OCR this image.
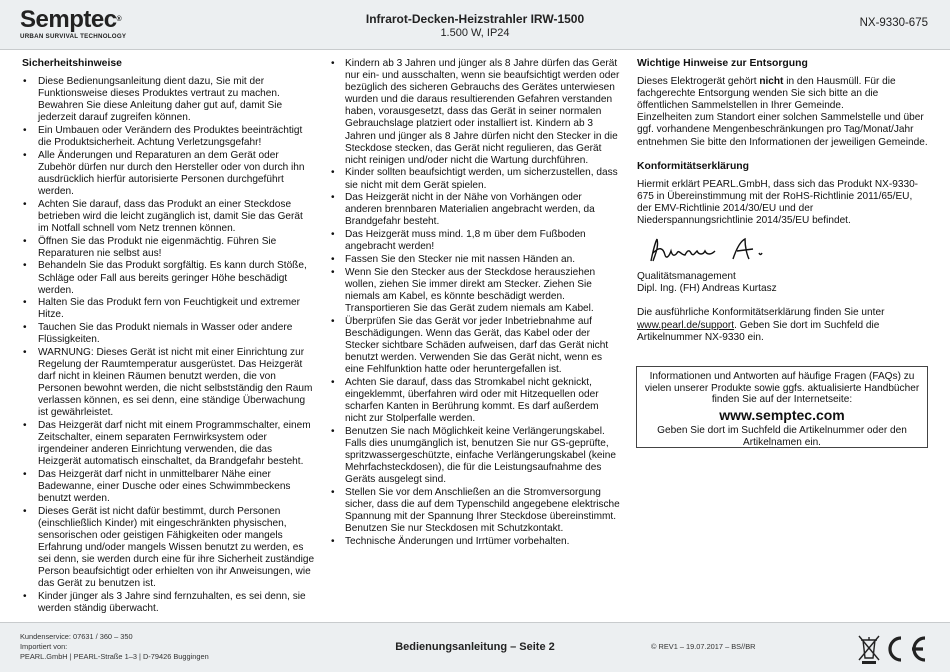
Semptec®
URBAN SURVIVAL TECHNOLOGY
Infrarot-Decken-Heizstrahler IRW-1500
1.500 W, IP24
NX-9330-675
Sicherheitshinweise
• Diese Bedienungsanleitung dient dazu, Sie mit der Funktionsweise dieses Produktes vertraut zu machen. Bewahren Sie diese Anleitung daher gut auf, damit Sie jederzeit darauf zugreifen können.
• Ein Umbauen oder Verändern des Produktes beeinträchtigt die Produktsicherheit. Achtung Verletzungsgefahr!
• Alle Änderungen und Reparaturen an dem Gerät oder Zubehör dürfen nur durch den Hersteller oder von durch ihn ausdrücklich hierfür autorisierte Personen durchgeführt werden.
• Achten Sie darauf, dass das Produkt an einer Steckdose betrieben wird die leicht zugänglich ist, damit Sie das Gerät im Notfall schnell vom Netz trennen können.
• Öffnen Sie das Produkt nie eigenmächtig. Führen Sie Reparaturen nie selbst aus!
• Behandeln Sie das Produkt sorgfältig. Es kann durch Stöße, Schläge oder Fall aus bereits geringer Höhe beschädigt werden.
• Halten Sie das Produkt fern von Feuchtigkeit und extremer Hitze.
• Tauchen Sie das Produkt niemals in Wasser oder andere Flüssigkeiten.
• WARNUNG: Dieses Gerät ist nicht mit einer Einrichtung zur Regelung der Raumtemperatur ausgerüstet. Das Heizgerät darf nicht in kleinen Räumen benutzt werden, die von Personen bewohnt werden, die nicht selbstständig den Raum verlassen können, es sei denn, eine ständige Überwachung ist gewährleistet.
• Das Heizgerät darf nicht mit einem Programmschalter, einem Zeitschalter, einem separaten Fernwirksystem oder irgendeiner anderen Einrichtung verwenden, die das Heizgerät automatisch einschaltet, da Brandgefahr besteht.
• Das Heizgerät darf nicht in unmittelbarer Nähe einer Badewanne, einer Dusche oder eines Schwimmbeckens benutzt werden.
• Dieses Gerät ist nicht dafür bestimmt, durch Personen (einschließlich Kinder) mit eingeschränkten physischen, sensorischen oder geistigen Fähigkeiten oder mangels Erfahrung und/oder mangels Wissen benutzt zu werden, es sei denn, sie werden durch eine für ihre Sicherheit zuständige Person beaufsichtigt oder erhielten von ihr Anweisungen, wie das Gerät zu benutzen ist.
• Kinder jünger als 3 Jahre sind fernzuhalten, es sei denn, sie werden ständig überwacht.
• Kindern ab 3 Jahren und jünger als 8 Jahre dürfen das Gerät nur ein- und ausschalten, wenn sie beaufsichtigt werden oder bezüglich des sicheren Gebrauchs des Gerätes unterwiesen wurden und die daraus resultierenden Gefahren verstanden haben, vorausgesetzt, dass das Gerät in seiner normalen Gebrauchslage platziert oder installiert ist. Kindern ab 3 Jahren und jünger als 8 Jahre dürfen nicht den Stecker in die Steckdose stecken, das Gerät nicht regulieren, das Gerät nicht reinigen und/oder nicht die Wartung durchführen.
• Kinder sollten beaufsichtigt werden, um sicherzustellen, dass sie nicht mit dem Gerät spielen.
• Das Heizgerät nicht in der Nähe von Vorhängen oder anderen brennbaren Materialien angebracht werden, da Brandgefahr besteht.
• Das Heizgerät muss mind. 1,8 m über dem Fußboden angebracht werden!
• Fassen Sie den Stecker nie mit nassen Händen an.
• Wenn Sie den Stecker aus der Steckdose herausziehen wollen, ziehen Sie immer direkt am Stecker. Ziehen Sie niemals am Kabel, es könnte beschädigt werden. Transportieren Sie das Gerät zudem niemals am Kabel.
• Überprüfen Sie das Gerät vor jeder Inbetriebnahme auf Beschädigungen. Wenn das Gerät, das Kabel oder der Stecker sichtbare Schäden aufweisen, darf das Gerät nicht benutzt werden. Verwenden Sie das Gerät nicht, wenn es eine Fehlfunktion hatte oder heruntergefallen ist.
• Achten Sie darauf, dass das Stromkabel nicht geknickt, eingeklemmt, überfahren wird oder mit Hitzequellen oder scharfen Kanten in Berührung kommt. Es darf außerdem nicht zur Stolperfalle werden.
• Benutzen Sie nach Möglichkeit keine Verlängerungskabel. Falls dies unumgänglich ist, benutzen Sie nur GS-geprüfte, spritzwassergeschützte, einfache Verlängerungskabel (keine Mehrfachsteckdosen), die für die Leistungsaufnahme des Geräts ausgelegt sind.
• Stellen Sie vor dem Anschließen an die Stromversorgung sicher, dass die auf dem Typenschild angegebene elektrische Spannung mit der Spannung Ihrer Steckdose übereinstimmt. Benutzen Sie nur Steckdosen mit Schutzkontakt.
• Technische Änderungen und Irrtümer vorbehalten.
Wichtige Hinweise zur Entsorgung

Dieses Elektrogerät gehört nicht in den Hausmüll. Für die fachgerechte Entsorgung wenden Sie sich bitte an die öffentlichen Sammelstellen in Ihrer Gemeinde.

Einzelheiten zum Standort einer solchen Sammelstelle und über ggf. vorhandene Mengenbeschränkungen pro Tag/Monat/Jahr entnehmen Sie bitte den Informationen der jeweiligen Gemeinde.

Konformitätserklärung

Hiermit erklärt PEARL.GmbH, dass sich das Produkt NX-9330-675 in Übereinstimmung mit der RoHS-Richtlinie 2011/65/EU, der EMV-Richtlinie 2014/30/EU und der Niederspannungsrichtlinie 2014/35/EU befindet.

Qualitätsmanagement

Dipl. Ing. (FH) Andreas Kurtasz

Die ausführliche Konformitätserklärung finden Sie unter www.pearl.de/support. Geben Sie dort im Suchfeld die Artikelnummer NX-9330 ein.

Informationen und Antworten auf häufige Fragen (FAQs) zu vielen unserer Produkte sowie ggfs. aktualisierte Handbücher finden Sie auf der Internetseite:
www.semptec.com
Geben Sie dort im Suchfeld die Artikelnummer oder den Artikelnamen ein.
Kundenservice: 07631 / 360 – 350
Importiert von:
PEARL.GmbH | PEARL-Straße 1–3 | D-79426 Buggingen
Bedienungsanleitung – Seite 2	© REV1 – 19.07.2017 – BS//BR
